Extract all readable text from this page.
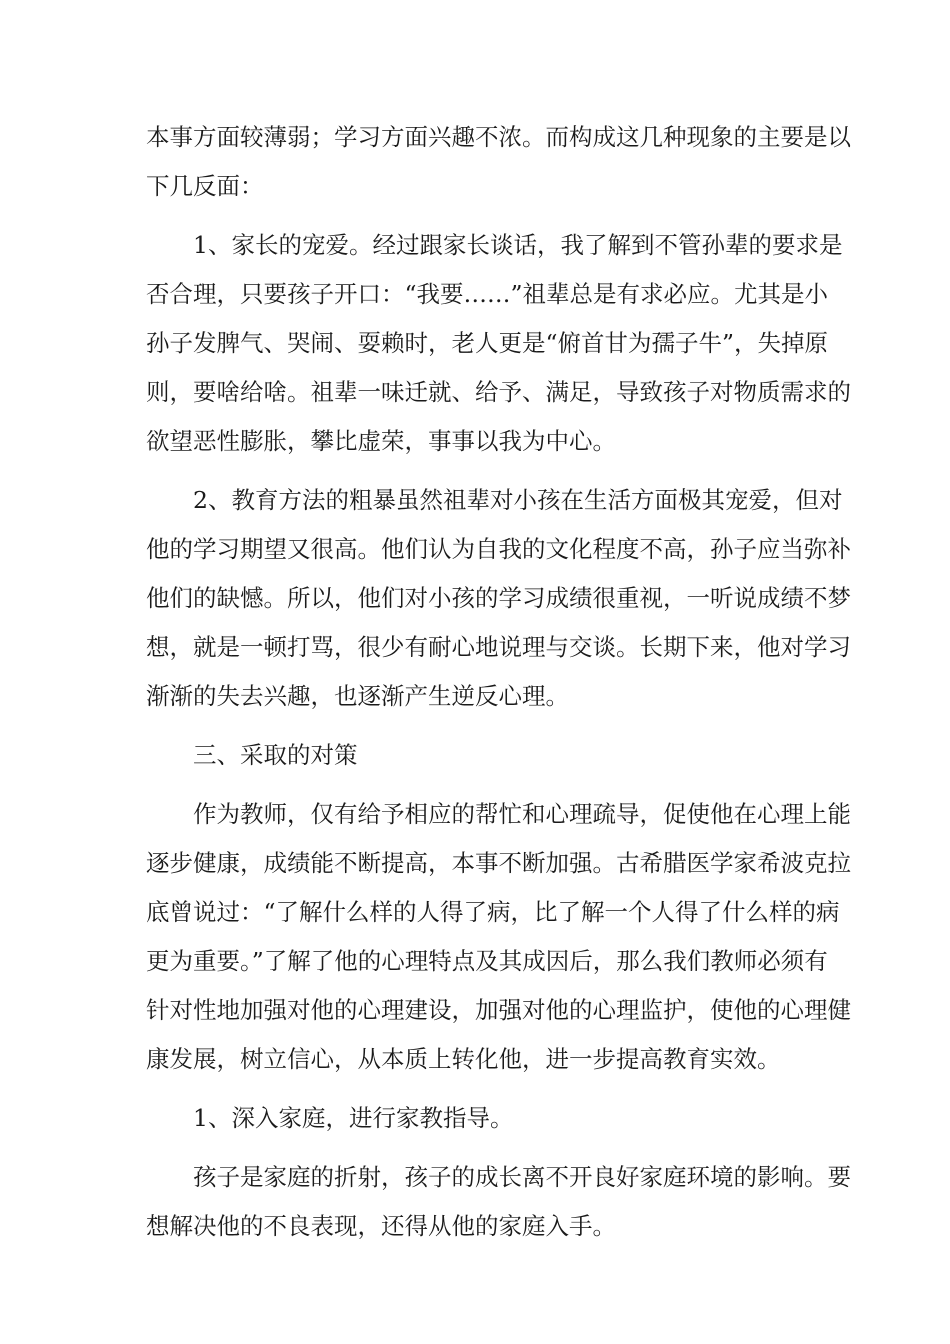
本事方面较薄弱；学习方面兴趣不浓。而构成这几种现象的主要是以
下几反面：
1、家长的宠爱。经过跟家长谈话，我了解到不管孙辈的要求是
否合理，只要孩子开口：“我要……”祖辈总是有求必应。尤其是小
孙子发脾气、哭闹、耍赖时，老人更是“俯首甘为孺子牛”，失掉原
则，要啥给啥。祖辈一味迁就、给予、满足，导致孩子对物质需求的
欲望恶性膨胀，攀比虚荣，事事以我为中心。
2、教育方法的粗暴虽然祖辈对小孩在生活方面极其宠爱，但对
他的学习期望又很高。他们认为自我的文化程度不高，孙子应当弥补
他们的缺憾。所以，他们对小孩的学习成绩很重视，一听说成绩不梦
想，就是一顿打骂，很少有耐心地说理与交谈。长期下来，他对学习
渐渐的失去兴趣，也逐渐产生逆反心理。
三、采取的对策
作为教师，仅有给予相应的帮忙和心理疏导，促使他在心理上能
逐步健康，成绩能不断提高，本事不断加强。古希腊医学家希波克拉
底曾说过：“了解什么样的人得了病，比了解一个人得了什么样的病
更为重要。”了解了他的心理特点及其成因后，那么我们教师必须有
针对性地加强对他的心理建设，加强对他的心理监护，使他的心理健
康发展，树立信心，从本质上转化他，进一步提高教育实效。
1、深入家庭，进行家教指导。
孩子是家庭的折射，孩子的成长离不开良好家庭环境的影响。要
想解决他的不良表现，还得从他的家庭入手。
